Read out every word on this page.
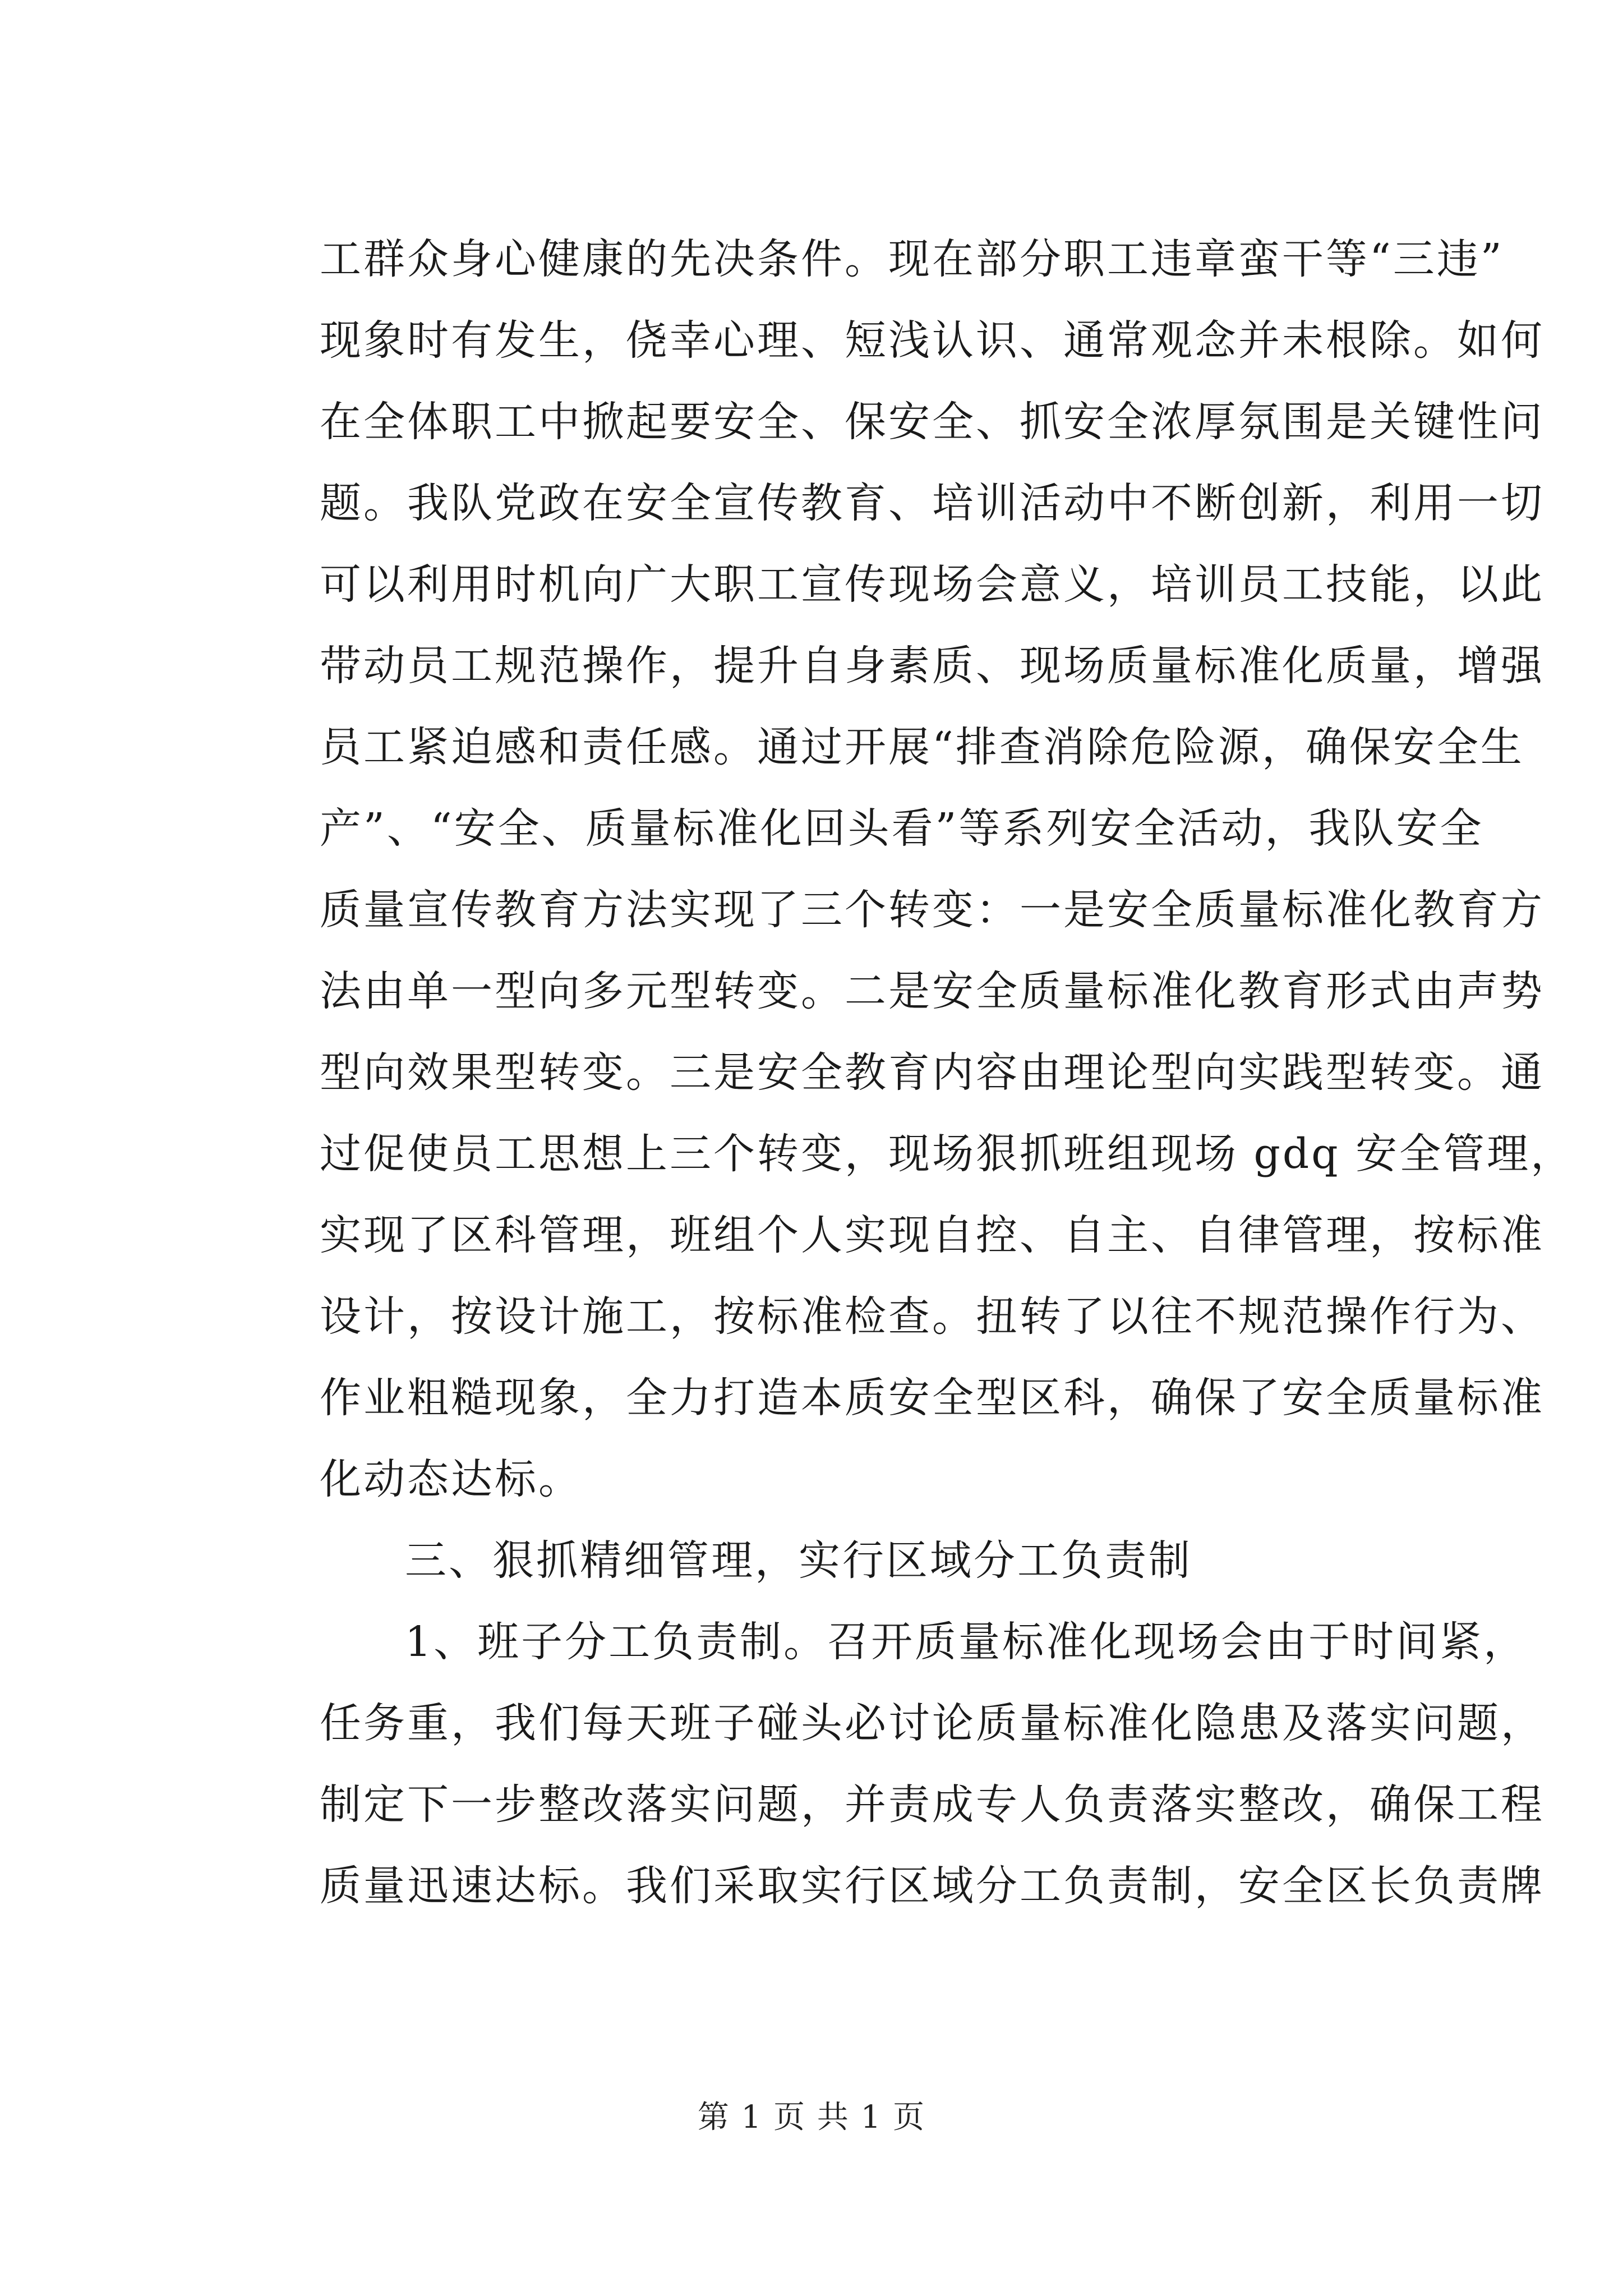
工群众身心健康的先决条件。现在部分职工违章蛮干等“三违”
现象时有发生，侥幸心理、短浅认识、通常观念并未根除。如何
在全体职工中掀起要安全、保安全、抓安全浓厚氛围是关键性问
题。我队党政在安全宣传教育、培训活动中不断创新，利用一切
可以利用时机向广大职工宣传现场会意义，培训员工技能，以此
带动员工规范操作，提升自身素质、现场质量标准化质量，增强
员工紧迫感和责任感。通过开展“排查消除危险源，确保安全生
产”、“安全、质量标准化回头看”等系列安全活动，我队安全
质量宣传教育方法实现了三个转变：一是安全质量标准化教育方
法由单一型向多元型转变。二是安全质量标准化教育形式由声势
型向效果型转变。三是安全教育内容由理论型向实践型转变。通
过促使员工思想上三个转变，现场狠抓班组现场 gdq 安全管理，
实现了区科管理，班组个人实现自控、自主、自律管理，按标准
设计，按设计施工，按标准检查。扭转了以往不规范操作行为、
作业粗糙现象，全力打造本质安全型区科，确保了安全质量标准
化动态达标。
三、狠抓精细管理，实行区域分工负责制
1、班子分工负责制。召开质量标准化现场会由于时间紧，
任务重，我们每天班子碰头必讨论质量标准化隐患及落实问题，
制定下一步整改落实问题，并责成专人负责落实整改，确保工程
质量迅速达标。我们采取实行区域分工负责制，安全区长负责牌
第 1 页 共 1 页
